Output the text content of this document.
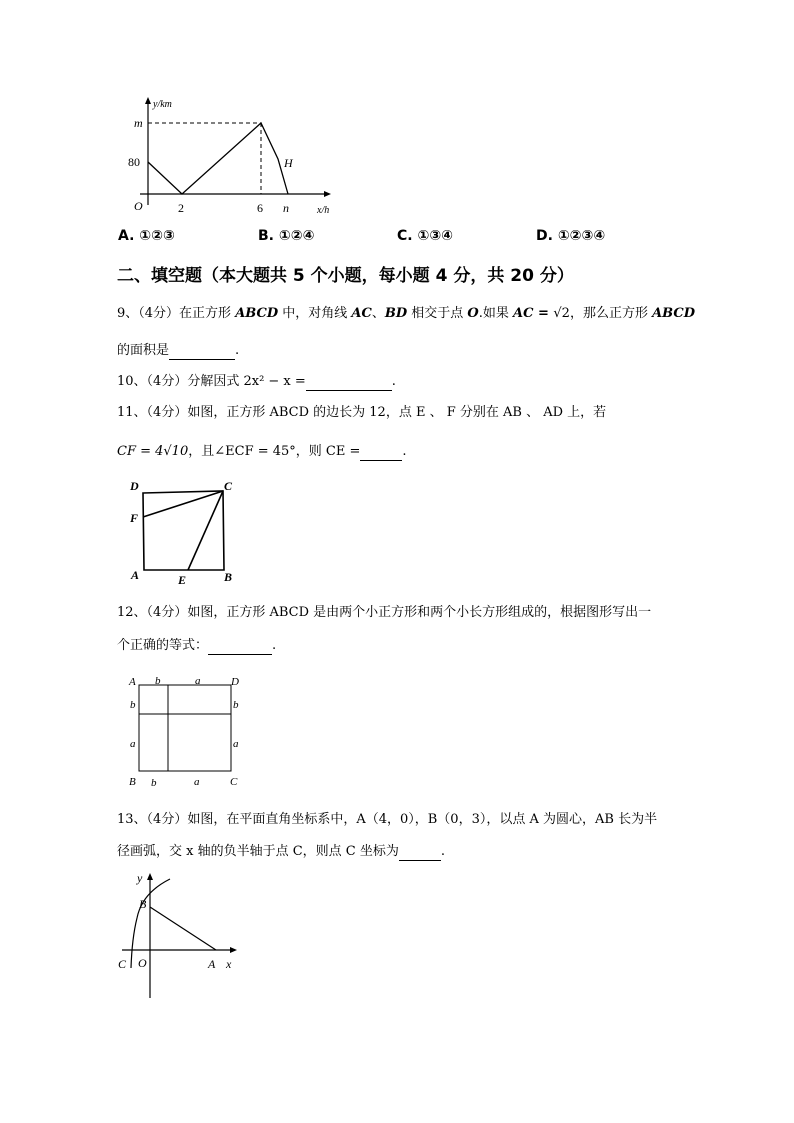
y/km
m
80
O	2	6 n
H
x/h
A. ①②③	B. ①②④	C. ①③④	D. ①②③④
二、填空题（本大题共 5 个小题，每小题 4 分，共 20 分）
9、（4分）在正方形 ABCD 中，对角线 AC、BD 相交于点 O.如果 AC = √2，那么正方形 ABCD
的面积是	.
10、（4分）分解因式 2x² − x =	.
11、（4分）如图，正方形 ABCD 的边长为 12，点 E 、 F 分别在 AB 、 AD 上，若
CF = 4√10，且∠ECF = 45°，则 CE =	.
D	C
F
A	E	B
12、（4分）如图，正方形 ABCD 是由两个小正方形和两个小长方形组成的，根据图形写出一
个正确的等式：	.
A b	a	D
b	b
a	a
B b	a	C
13、（4分）如图，在平面直角坐标系中，A（4，0），B（0，3），以点 A 为圆心，AB 长为半
径画弧，交 x 轴的负半轴于点 C，则点 C 坐标为	.
y
B
C O	A x
